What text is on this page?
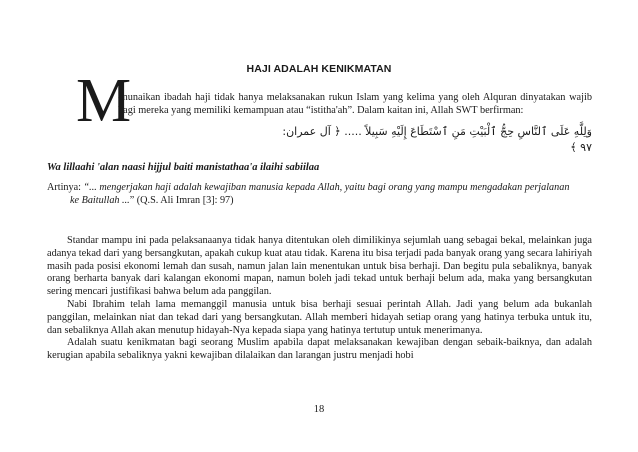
HAJI ADALAH KENIKMATAN
M

enunaikan ibadah haji tidak hanya melaksanakan rukun Islam yang kelima yang oleh Alquran dinyatakan wajib bagi mereka yang memiliki kemampuan atau “istitha'ah”. Dalam kaitan ini, Allah SWT berfirman:

وَلِلَّهِ عَلَى ٱلنَّاسِ حِجُّ ٱلْبَيْتِ مَنِ ٱسْتَطَاعَ إِلَيْهِ سَبِيلاً ..... ﴿ آل عمران: ٩٧ ﴾
Wa lillaahi 'alan naasi hijjul baiti manistathaa'a ilaihi sabiilaa
Artinya: “... mengerjakan haji adalah kewajiban manusia kepada Allah, yaitu bagi orang yang mampu mengadakan perjalanan
ke Baitullah ...” (Q.S. Ali Imran [3]: 97)

Standar mampu ini pada pelaksanaanya tidak hanya ditentukan oleh dimilikinya sejumlah uang sebagai bekal, melainkan juga adanya tekad dari yang bersangkutan, apakah cukup kuat atau tidak. Karena itu bisa terjadi pada banyak orang yang secara lahiriyah masih pada posisi ekonomi lemah dan susah, namun jalan lain menentukan untuk bisa berhaji. Dan begitu pula sebaliknya, banyak orang berharta banyak dari kalangan ekonomi mapan, namun boleh jadi tekad untuk berhaji belum ada, maka yang bersangkutan sering mencari justifikasi bahwa belum ada panggilan.

Nabi Ibrahim telah lama memanggil manusia untuk bisa berhaji sesuai perintah Allah. Jadi yang belum ada bukanlah panggilan, melainkan niat dan tekad dari yang bersangkutan. Allah memberi hidayah setiap orang yang hatinya terbuka untuk itu, dan sebaliknya Allah akan menutup hidayah-Nya kepada siapa yang hatinya tertutup untuk menerimanya.

Adalah suatu kenikmatan bagi seorang Muslim apabila dapat melaksanakan kewajiban dengan sebaik-baiknya, dan adalah kerugian apabila sebaliknya yakni kewajiban dilalaikan dan larangan justru menjadi hobi

18
